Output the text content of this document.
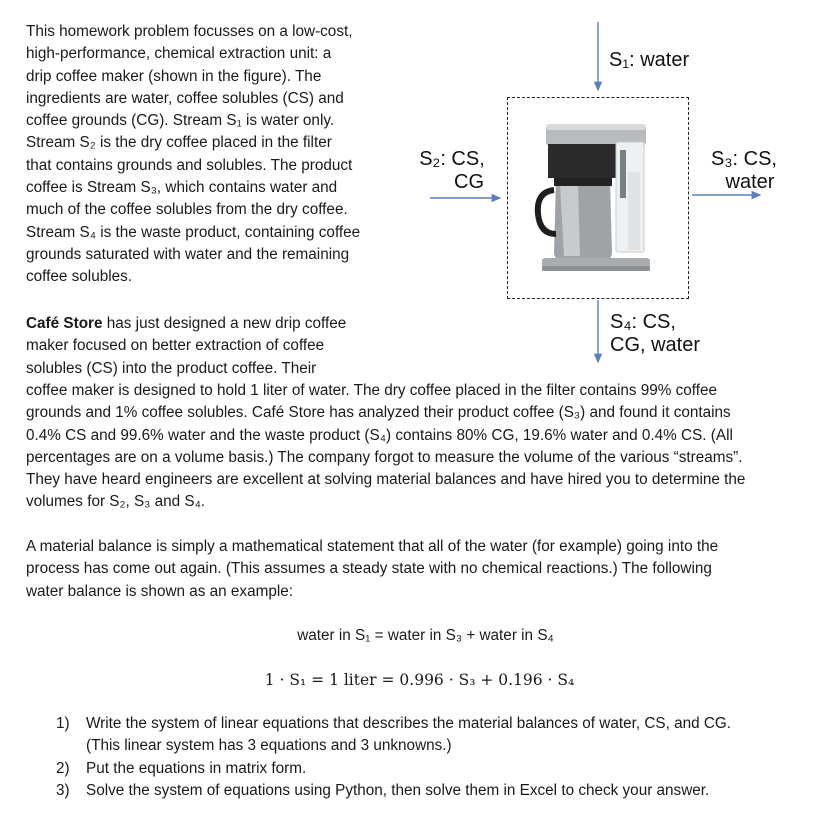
This homework problem focusses on a low-cost,
high-performance, chemical extraction unit: a
drip coffee maker (shown in the figure). The
ingredients are water, coffee solubles (CS) and
coffee grounds (CG). Stream S₁ is water only.
Stream S₂ is the dry coffee placed in the filter
that contains grounds and solubles. The product
coffee is Stream S₃, which contains water and
much of the coffee solubles from the dry coffee.
Stream S₄ is the waste product, containing coffee
grounds saturated with water and the remaining
coffee solubles.
S₁: water
S₂: CS,
CG
S₃: CS,
water
S₄: CS,
CG, water
Café Store has just designed a new drip coffee
maker focused on better extraction of coffee
solubles (CS) into the product coffee. Their
coffee maker is designed to hold 1 liter of water. The dry coffee placed in the filter contains 99% coffee
grounds and 1% coffee solubles. Café Store has analyzed their product coffee (S₃) and found it contains
0.4% CS and 99.6% water and the waste product (S₄) contains 80% CG, 19.6% water and 0.4% CS. (All
percentages are on a volume basis.) The company forgot to measure the volume of the various “streams”.
They have heard engineers are excellent at solving material balances and have hired you to determine the
volumes for S₂, S₃ and S₄.
A material balance is simply a mathematical statement that all of the water (for example) going into the
process has come out again. (This assumes a steady state with no chemical reactions.) The following
water balance is shown as an example:
water in S₁ = water in S₃ + water in S₄
1 · S₁ = 1 liter = 0.996 · S₃ + 0.196 · S₄
1)	Write the system of linear equations that describes the material balances of water, CS, and CG.
(This linear system has 3 equations and 3 unknowns.)
2)	Put the equations in matrix form.
3)	Solve the system of equations using Python, then solve them in Excel to check your answer.
